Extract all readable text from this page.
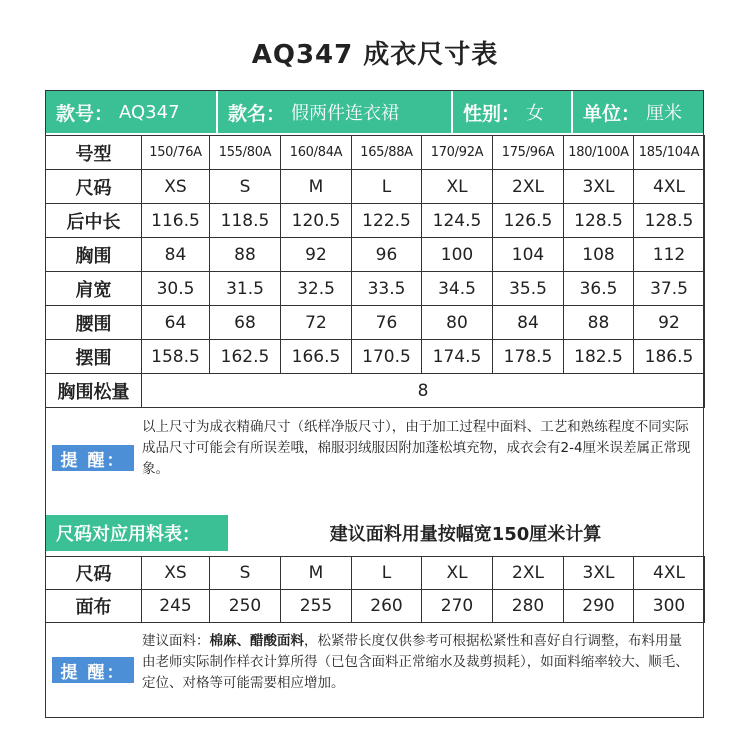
AQ347 成衣尺寸表
款号： AQ347	款名： 假两件连衣裙	性别： 女 单位： 厘米
号型	150/76A	155/80A	160/84A	165/88A	170/92A	175/96A	180/100A	185/104A
尺码	XS	S	M	L	XL	2XL	3XL	4XL
后中长	116.5	118.5	120.5	122.5	124.5	126.5	128.5	128.5
胸围	84	88	92	96	100	104	108	112
肩宽	30.5	31.5	32.5	33.5	34.5	35.5	36.5	37.5
腰围	64	68	72	76	80	84	88	92
摆围	158.5	162.5	166.5	170.5	174.5	178.5	182.5	186.5
胸围松量	8							
提 醒：
以上尺寸为成衣精确尺寸（纸样净版尺寸），由于加工过程中面料、工艺和熟练程度不同实际成品尺寸可能会有所误差哦，棉服羽绒服因附加蓬松填充物，成衣会有2-4厘米误差属正常现象。
尺码对应用料表：	建议面料用量按幅宽150厘米计算
尺码	XS	S	M	L	XL	2XL	3XL	4XL
面布	245	250	255	260	270	280	290	300
提 醒：
建议面料：棉麻、醋酸面料，松紧带长度仅供参考可根据松紧性和喜好自行调整，布料用量由老师实际制作样衣计算所得（已包含面料正常缩水及裁剪损耗），如面料缩率较大、顺毛、定位、对格等可能需要相应增加。
